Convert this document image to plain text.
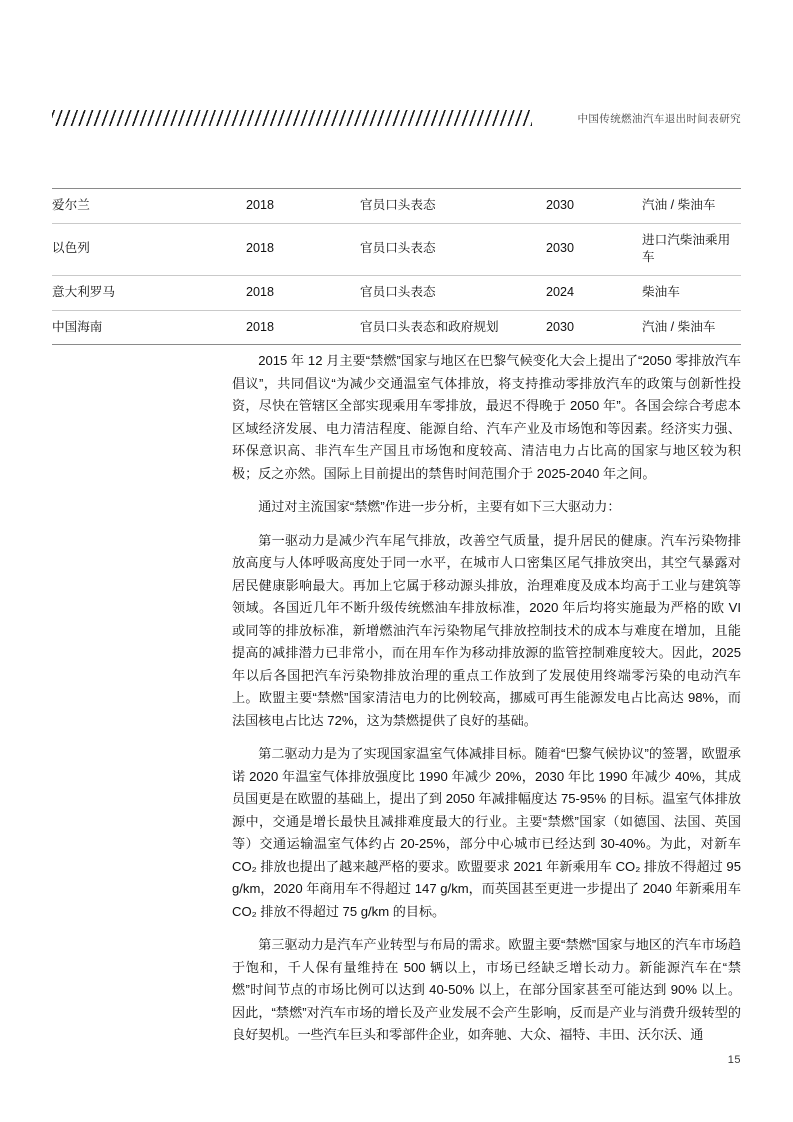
中国传统燃油汽车退出时间表研究
爱尔兰	2018	官员口头表态	2030	汽油 / 柴油车
以色列	2018	官员口头表态	2030	进口汽柴油乘用车
意大利罗马	2018	官员口头表态	2024	柴油车
中国海南	2018	官员口头表态和政府规划	2030	汽油 / 柴油车

2015 年 12 月主要“禁燃”国家与地区在巴黎气候变化大会上提出了“2050 零排放汽车倡议”，共同倡议“为减少交通温室气体排放，将支持推动零排放汽车的政策与创新性投资，尽快在管辖区全部实现乘用车零排放，最迟不得晚于 2050 年”。各国会综合考虑本区域经济发展、电力清洁程度、能源自给、汽车产业及市场饱和等因素。经济实力强、环保意识高、非汽车生产国且市场饱和度较高、清洁电力占比高的国家与地区较为积极；反之亦然。国际上目前提出的禁售时间范围介于 2025-2040 年之间。

通过对主流国家“禁燃”作进一步分析，主要有如下三大驱动力：

第一驱动力是减少汽车尾气排放，改善空气质量，提升居民的健康。汽车污染物排放高度与人体呼吸高度处于同一水平，在城市人口密集区尾气排放突出，其空气暴露对居民健康影响最大。再加上它属于移动源头排放，治理难度及成本均高于工业与建筑等领域。各国近几年不断升级传统燃油车排放标准，2020 年后均将实施最为严格的欧 VI 或同等的排放标准，新增燃油汽车污染物尾气排放控制技术的成本与难度在增加，且能提高的减排潜力已非常小，而在用车作为移动排放源的监管控制难度较大。因此，2025 年以后各国把汽车污染物排放治理的重点工作放到了发展使用终端零污染的电动汽车上。欧盟主要“禁燃”国家清洁电力的比例较高，挪威可再生能源发电占比高达 98%，而法国核电占比达 72%，这为禁燃提供了良好的基础。

第二驱动力是为了实现国家温室气体减排目标。随着“巴黎气候协议”的签署，欧盟承诺 2020 年温室气体排放强度比 1990 年减少 20%，2030 年比 1990 年减少 40%，其成员国更是在欧盟的基础上，提出了到 2050 年减排幅度达 75-95% 的目标。温室气体排放源中，交通是增长最快且减排难度最大的行业。主要“禁燃”国家（如德国、法国、英国等）交通运输温室气体约占 20-25%，部分中心城市已经达到 30-40%。为此，对新车 CO₂ 排放也提出了越来越严格的要求。欧盟要求 2021 年新乘用车 CO₂ 排放不得超过 95 g/km，2020 年商用车不得超过 147 g/km，而英国甚至更进一步提出了 2040 年新乘用车 CO₂ 排放不得超过 75 g/km 的目标。

第三驱动力是汽车产业转型与布局的需求。欧盟主要“禁燃”国家与地区的汽车市场趋于饱和，千人保有量维持在 500 辆以上，市场已经缺乏增长动力。新能源汽车在“禁燃”时间节点的市场比例可以达到 40-50% 以上，在部分国家甚至可能达到 90% 以上。因此，“禁燃”对汽车市场的增长及产业发展不会产生影响，反而是产业与消费升级转型的良好契机。一些汽车巨头和零部件企业，如奔驰、大众、福特、丰田、沃尔沃、通

15
